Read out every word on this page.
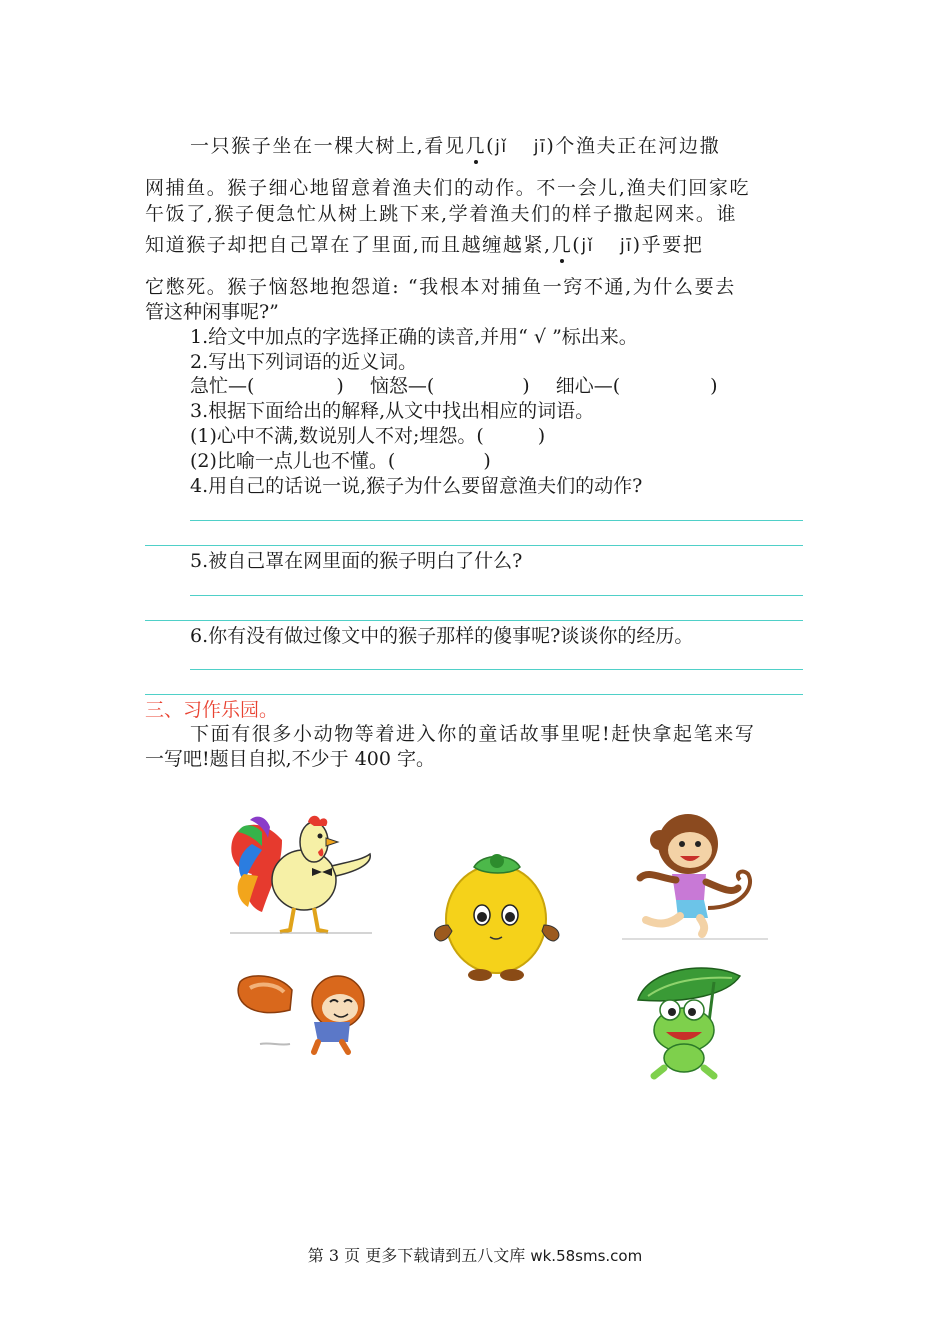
一只猴子坐在一棵大树上,看见几(jǐ jī)个渔夫正在河边撒
网捕鱼。猴子细心地留意着渔夫们的动作。不一会儿,渔夫们回家吃
午饭了,猴子便急忙从树上跳下来,学着渔夫们的样子撒起网来。谁
知道猴子却把自己罩在了里面,而且越缠越紧,几(jǐ jī)乎要把
它憋死。猴子恼怒地抱怨道: “我根本对捕鱼一窍不通,为什么要去
管这种闲事呢?”
1.给文中加点的字选择正确的读音,并用“ √ ”标出来。
2.写出下列词语的近义词。
急忙—(	) 恼怒—(	) 细心—(	)
3.根据下面给出的解释,从文中找出相应的词语。
(1)心中不满,数说别人不对;埋怨。(	)
(2)比喻一点儿也不懂。(	)
4.用自己的话说一说,猴子为什么要留意渔夫们的动作?
5.被自己罩在网里面的猴子明白了什么?
6.你有没有做过像文中的猴子那样的傻事呢?谈谈你的经历。
三、习作乐园。
下面有很多小动物等着进入你的童话故事里呢!赶快拿起笔来写
一写吧!题目自拟,不少于 400 字。
第 3 页 更多下载请到五八文库 wk.58sms.com
